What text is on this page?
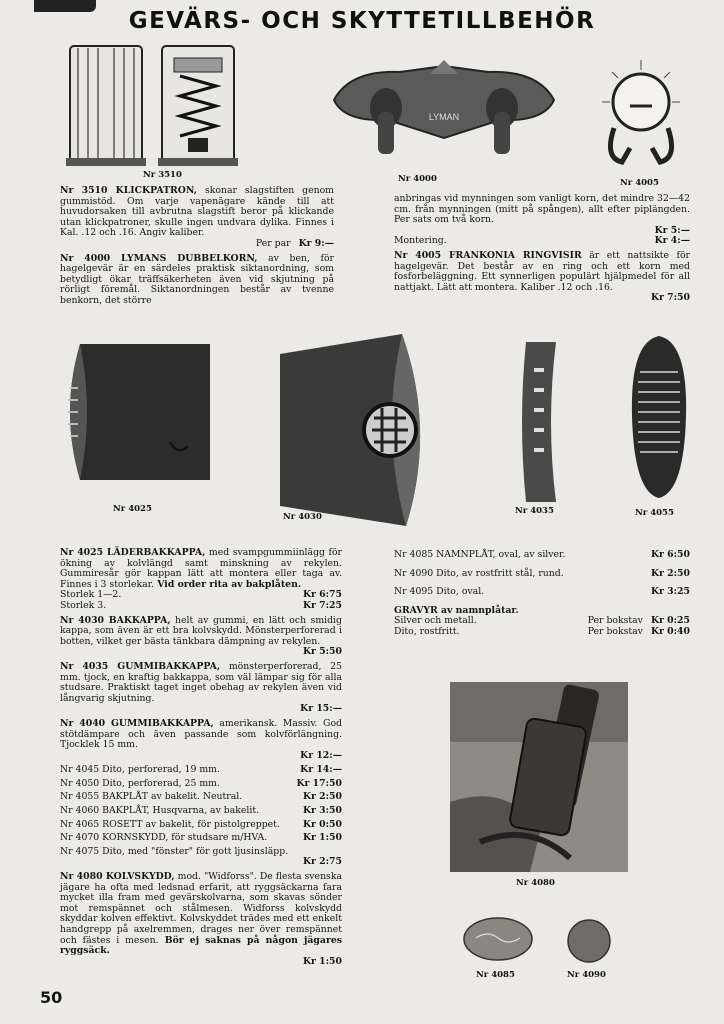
GEVÄRS- OCH SKYTTETILLBEHÖR
Nr 3510
LYMAN
Nr 4000	Nr 4005

Nr 3510 KLICKPATRON, skonar slagstiften genom gummistöd. Om varje vapenägare kände till att huvudorsaken till avbrutna slagstift beror på klickande utan klickpatroner, skulle ingen undvara dylika. Finnes i Kal. .12 och .16. Angiv kaliber.

Per par Kr 9:—

Nr 4000 LYMANS DUBBELKORN, av ben, för hagelgevär är en särdeles praktisk siktanordning, som betydligt ökar träffsäkerheten även vid skjutning på rörligt föremål. Siktanordningen består av tvenne benkorn, det större

anbringas vid mynningen som vanligt korn, det mindre 32—42 cm. från mynningen (mitt på spången), allt efter piplängden. Per sats om två korn.

Kr 5:—
Montering.	Kr 4:—

Nr 4005 FRANKONIA RINGVISIR är ett nattsikte för hagelgevär. Det består av en ring och ett korn med fosforbeläggning. Ett synnerligen populärt hjälpmedel för all nattjakt. Lätt att montera. Kaliber .12 och .16.

Kr 7:50
Nr 4025
Nr 4030
Nr 4035	Nr 4055

Nr 4025 LÄDERBAKKAPPA, med svampgummiinlägg för ökning av kolvlängd samt minskning av rekylen. Gummiresår gör kappan lätt att montera eller taga av. Finnes i 3 storlekar. Vid order rita av bakplåten.

Storlek 1—2.	Kr 6:75
Storlek 3.	Kr 7:25

Nr 4030 BAKKAPPA, helt av gummi, en lätt och smidig kappa, som även är ett bra kolvskydd. Mönsterperforerad i botten, vilket ger bästa tänkbara dämpning av rekylen.

Kr 5:50

Nr 4035 GUMMIBAKKAPPA, mönsterperforerad, 25 mm. tjock, en kraftig bakkappa, som väl lämpar sig för alla studsare. Praktiskt taget inget obehag av rekylen även vid långvarig skjutning.

Kr 15:—

Nr 4040 GUMMIBAKKAPPA, amerikansk. Massiv. God stötdämpare och även passande som kolvförlängning. Tjocklek 15 mm.

Kr 12:—
Nr 4045 Dito, perforerad, 19 mm.	Kr 14:—
Nr 4050 Dito, perforerad, 25 mm.	Kr 17:50
Nr 4055 BAKPLÅT av bakelit. Neutral.	Kr 2:50
Nr 4060 BAKPLÅT, Husqvarna, av bakelit.	Kr 3:50
Nr 4065 ROSETT av bakelit, för pistolgreppet. Kr 0:50
Nr 4070 KORNSKYDD, för studsare m/HVA.	Kr 1:50
Nr 4075 Dito, med "fönster" för gott ljusinsläpp.
Kr 2:75

Nr 4080 KOLVSKYDD, mod. "Widforss". De flesta svenska jägare ha ofta med ledsnad erfarit, att ryggsäckarna fara mycket illa fram med gevärskolvarna, som skavas sönder mot remspännet och stålmesen. Widforss kolvskydd skyddar kolven effektivt. Kolvskyddet trädes med ett enkelt handgrepp på axelremmen, drages ner över remspännet och fästes i mesen. Bör ej saknas på någon jägares ryggsäck.

Kr 1:50
Nr 4085 NAMNPLÅT, oval, av silver.	Kr 6:50
Nr 4090 Dito, av rostfritt stål, rund.	Kr 2:50
Nr 4095 Dito, oval.	Kr 3:25
GRAVYR av namnplåtar.
Silver och metall.	Per bokstav Kr 0:25
Dito, rostfritt.	Per bokstav Kr 0:40
Nr 4080
Nr 4085	Nr 4090
50
